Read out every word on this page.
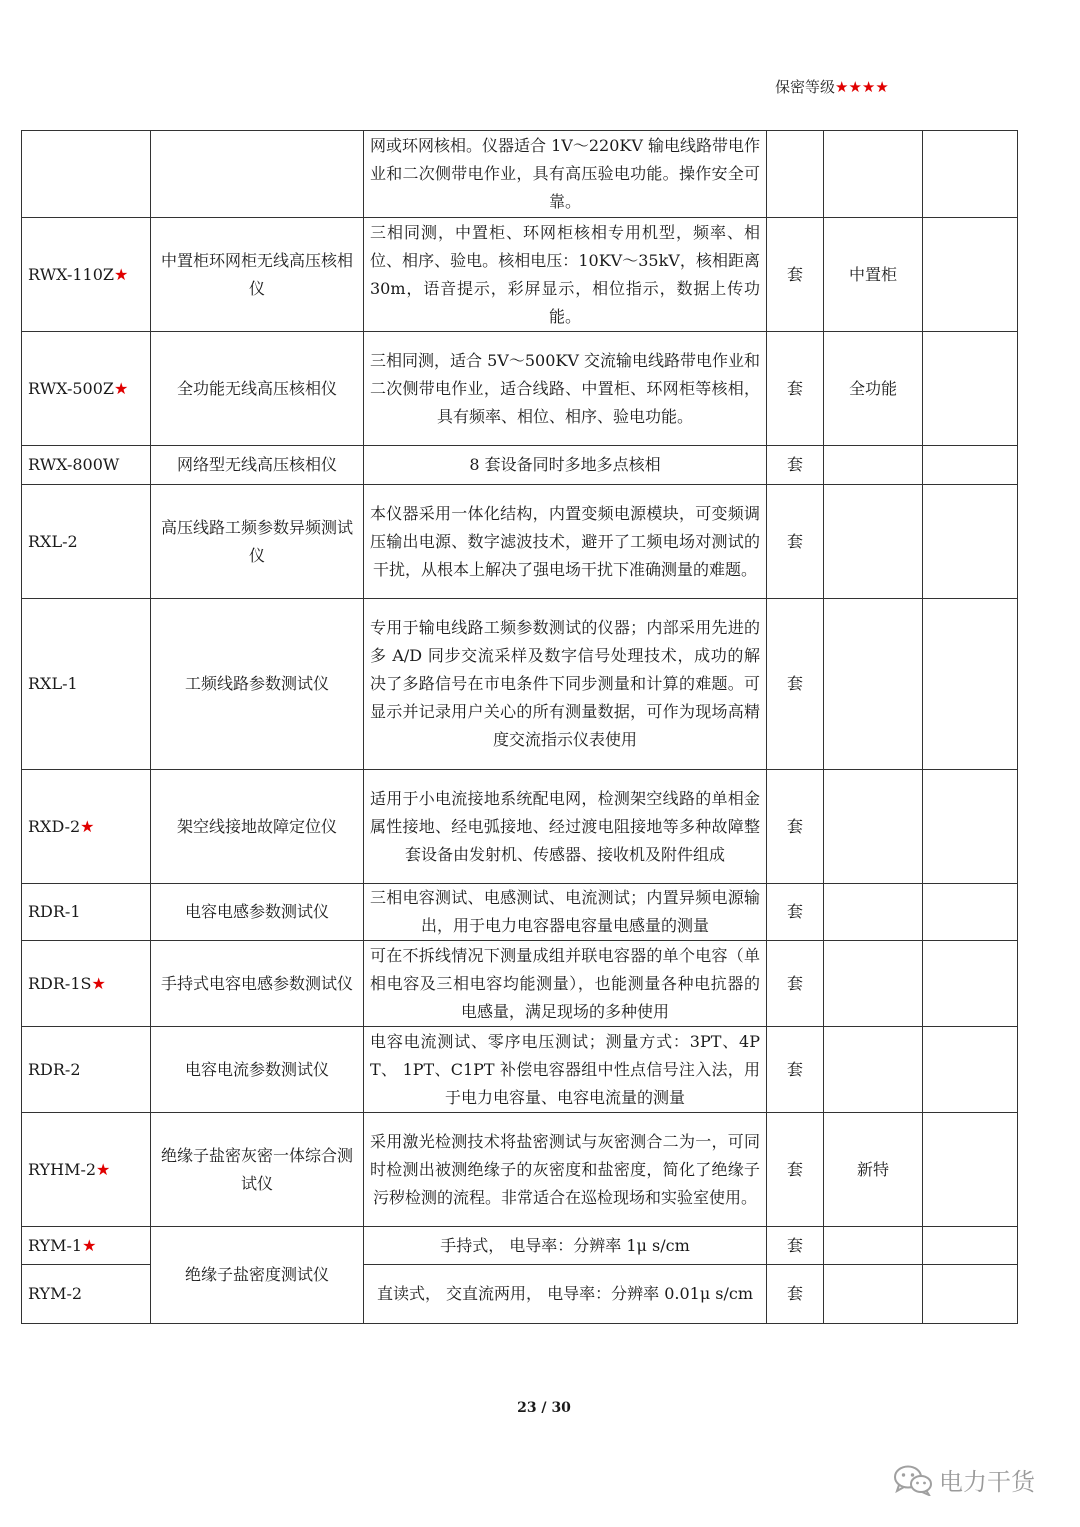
保密等级★★★★
		网或环网核相。仪器适合 1V～220KV 输电线路带电作业和二次侧带电作业，具有高压验电功能。操作安全可靠。			
RWX-110Z★	中置柜环网柜无线高压核相仪	三相同测，中置柜、环网柜核相专用机型，频率、相位、相序、验电。核相电压：10KV～35kV，核相距离 30m，语音提示，彩屏显示，相位指示，数据上传功能。	套	中置柜	
RWX-500Z★	全功能无线高压核相仪	三相同测，适合 5V～500KV 交流输电线路带电作业和二次侧带电作业，适合线路、中置柜、环网柜等核相，具有频率、相位、相序、验电功能。	套	全功能	
RWX-800W	网络型无线高压核相仪	8 套设备同时多地多点核相	套		
RXL-2	高压线路工频参数异频测试仪	本仪器采用一体化结构，内置变频电源模块，可变频调压输出电源、数字滤波技术，避开了工频电场对测试的干扰，从根本上解决了强电场干扰下准确测量的难题。	套		
RXL-1	工频线路参数测试仪	专用于输电线路工频参数测试的仪器；内部采用先进的多 A/D 同步交流采样及数字信号处理技术，成功的解决了多路信号在市电条件下同步测量和计算的难题。可显示并记录用户关心的所有测量数据，可作为现场高精度交流指示仪表使用	套		
RXD-2★	架空线接地故障定位仪	适用于小电流接地系统配电网，检测架空线路的单相金属性接地、经电弧接地、经过渡电阻接地等多种故障整套设备由发射机、传感器、接收机及附件组成	套		
RDR-1	电容电感参数测试仪	三相电容测试、电感测试、电流测试；内置异频电源输出，用于电力电容器电容量电感量的测量	套		
RDR-1S★	手持式电容电感参数测试仪	可在不拆线情况下测量成组并联电容器的单个电容（单相电容及三相电容均能测量），也能测量各种电抗器的电感量，满足现场的多种使用	套		
RDR-2	电容电流参数测试仪	电容电流测试、零序电压测试；测量方式：3PT、4PT、 1PT、C1PT 补偿电容器组中性点信号注入法，用于电力电容量、电容电流量的测量	套		
RYHM-2★	绝缘子盐密灰密一体综合测试仪	采用激光检测技术将盐密测试与灰密测合二为一，可同时检测出被测绝缘子的灰密度和盐密度，简化了绝缘子污秽检测的流程。非常适合在巡检现场和实验室使用。	套	新特	
RYM-1★	绝缘子盐密度测试仪	手持式， 电导率：分辨率 1μ s/cm	套		
RYM-2		直读式， 交直流两用， 电导率：分辨率 0.01μ s/cm	套		
23 / 30
电力干货
